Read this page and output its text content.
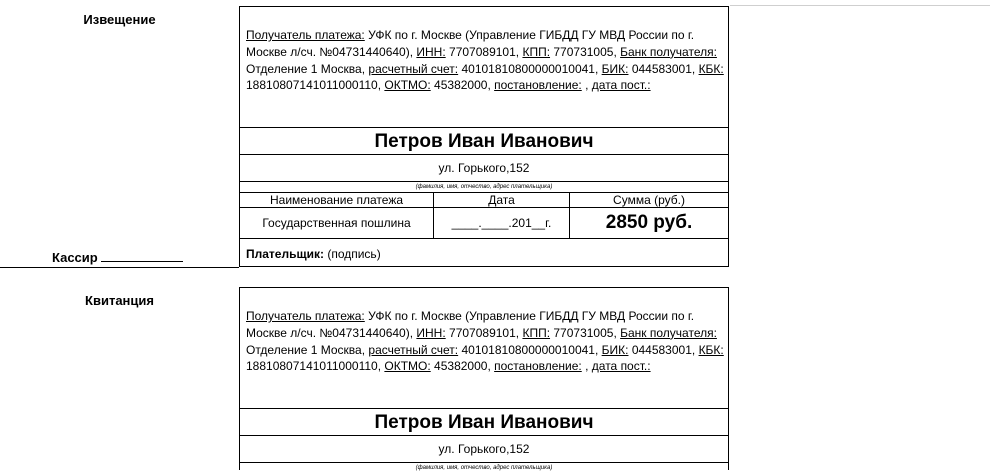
Извещение
Кассир
Получатель платежа: УФК по г. Москве (Управление ГИБДД ГУ МВД России по г. Москве л/сч. №04731440640), ИНН: 7707089101, КПП: 770731005, Банк получателя: Отделение 1 Москва, расчетный счет: 40101810800000010041, БИК: 044583001, КБК: 18810807141011000110, ОКТМО: 45382000, постановление: , дата пост.:
Петров Иван Иванович
ул. Горького,152
(фамилия, имя, отчество, адрес плательщика)
Наименование платежа	Дата	Сумма (руб.)
Государственная пошлина	____.____.201__г.	2850 руб.
Плательщик: (подпись)
Квитанция
Получатель платежа: УФК по г. Москве (Управление ГИБДД ГУ МВД России по г. Москве л/сч. №04731440640), ИНН: 7707089101, КПП: 770731005, Банк получателя: Отделение 1 Москва, расчетный счет: 40101810800000010041, БИК: 044583001, КБК: 18810807141011000110, ОКТМО: 45382000, постановление: , дата пост.:
Петров Иван Иванович
ул. Горького,152
(фамилия, имя, отчество, адрес плательщика)
